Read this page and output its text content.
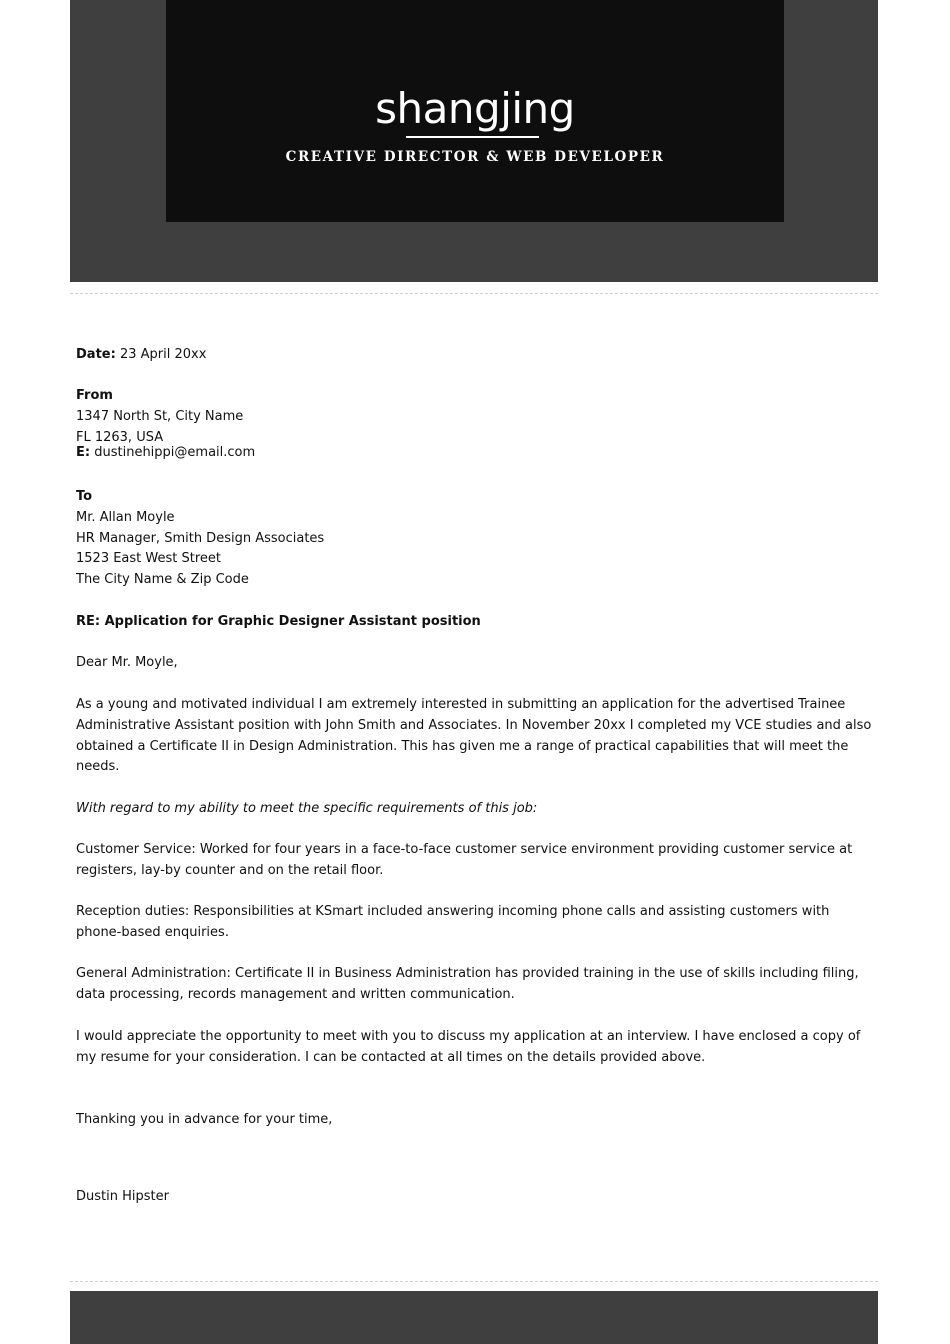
shangjing
CREATIVE DIRECTOR & WEB DEVELOPER
Date: 23 April 20xx

From

1347 North St, City Name

FL 1263, USA

E: dustinehippi@email.com

To

Mr. Allan Moyle

HR Manager, Smith Design Associates

1523 East West Street

The City Name & Zip Code

RE: Application for Graphic Designer Assistant position
Dear Mr. Moyle,
As a young and motivated individual I am extremely interested in submitting an application for the advertised Trainee Administrative Assistant position with John Smith and Associates. In November 20xx I completed my VCE studies and also obtained a Certificate II in Design Administration. This has given me a range of practical capabilities that will meet the needs.
With regard to my ability to meet the specific requirements of this job:
Customer Service: Worked for four years in a face-to-face customer service environment providing customer service at registers, lay-by counter and on the retail floor.
Reception duties: Responsibilities at KSmart included answering incoming phone calls and assisting customers with phone-based enquiries.
General Administration: Certificate II in Business Administration has provided training in the use of skills including filing, data processing, records management and written communication.
I would appreciate the opportunity to meet with you to discuss my application at an interview. I have enclosed a copy of my resume for your consideration. I can be contacted at all times on the details provided above.
Thanking you in advance for your time,
Dustin Hipster
